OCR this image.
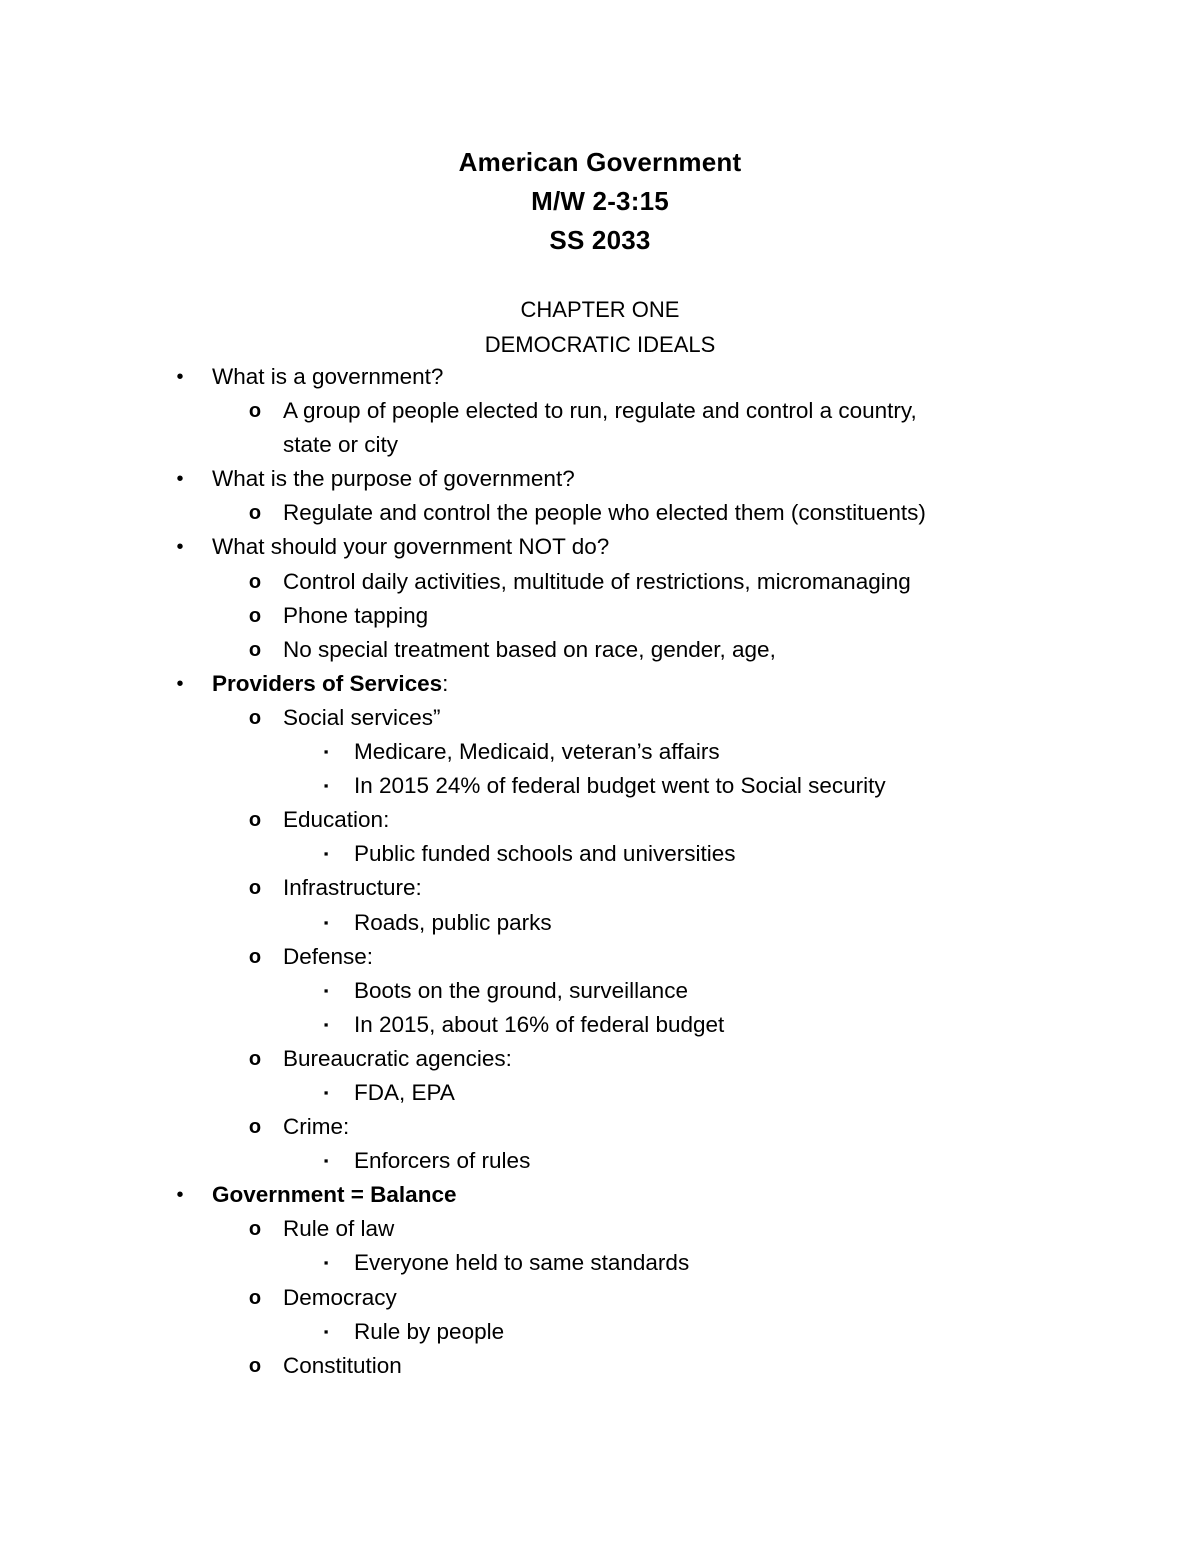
American Government
M/W 2-3:15
SS 2033
CHAPTER ONE
DEMOCRATIC IDEALS
• What is a government?
o A group of people elected to run, regulate and control a country,
state or city
• What is the purpose of government?
o Regulate and control the people who elected them (constituents)
• What should your government NOT do?
o Control daily activities, multitude of restrictions, micromanaging
o Phone tapping
o No special treatment based on race, gender, age,
• Providers of Services:
o Social services”
▪	Medicare, Medicaid, veteran’s affairs
▪	In 2015 24% of federal budget went to Social security
o Education:
▪	Public funded schools and universities
o Infrastructure:
▪	Roads, public parks
o Defense:
▪	Boots on the ground, surveillance
▪	In 2015, about 16% of federal budget
o Bureaucratic agencies:
▪	FDA, EPA
o Crime:
▪	Enforcers of rules
• Government = Balance
o Rule of law
▪	Everyone held to same standards
o Democracy
▪	Rule by people
o Constitution
